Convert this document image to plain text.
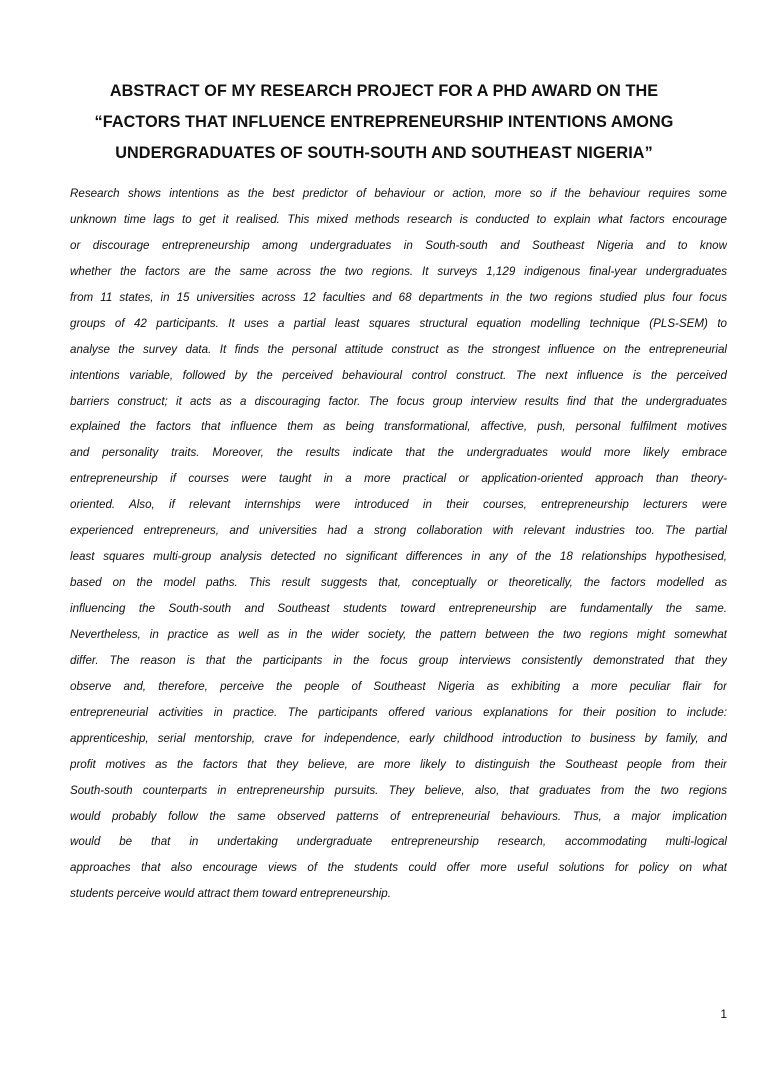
ABSTRACT OF MY RESEARCH PROJECT FOR A PHD AWARD ON THE
“FACTORS THAT INFLUENCE ENTREPRENEURSHIP INTENTIONS AMONG
UNDERGRADUATES OF SOUTH-SOUTH AND SOUTHEAST NIGERIA”
Research shows intentions as the best predictor of behaviour or action, more so if the behaviour requires some
unknown time lags to get it realised. This mixed methods research is conducted to explain what factors encourage
or discourage entrepreneurship among undergraduates in South-south and Southeast Nigeria and to know
whether the factors are the same across the two regions. It surveys 1,129 indigenous final-year undergraduates
from 11 states, in 15 universities across 12 faculties and 68 departments in the two regions studied plus four focus
groups of 42 participants. It uses a partial least squares structural equation modelling technique (PLS-SEM) to
analyse the survey data. It finds the personal attitude construct as the strongest influence on the entrepreneurial
intentions variable, followed by the perceived behavioural control construct. The next influence is the perceived
barriers construct; it acts as a discouraging factor. The focus group interview results find that the undergraduates
explained the factors that influence them as being transformational, affective, push, personal fulfilment motives
and personality traits. Moreover, the results indicate that the undergraduates would more likely embrace
entrepreneurship if courses were taught in a more practical or application-oriented approach than theory-
oriented. Also, if relevant internships were introduced in their courses, entrepreneurship lecturers were
experienced entrepreneurs, and universities had a strong collaboration with relevant industries too. The partial
least squares multi-group analysis detected no significant differences in any of the 18 relationships hypothesised,
based on the model paths. This result suggests that, conceptually or theoretically, the factors modelled as
influencing the South-south and Southeast students toward entrepreneurship are fundamentally the same.
Nevertheless, in practice as well as in the wider society, the pattern between the two regions might somewhat
differ. The reason is that the participants in the focus group interviews consistently demonstrated that they
observe and, therefore, perceive the people of Southeast Nigeria as exhibiting a more peculiar flair for
entrepreneurial activities in practice. The participants offered various explanations for their position to include:
apprenticeship, serial mentorship, crave for independence, early childhood introduction to business by family, and
profit motives as the factors that they believe, are more likely to distinguish the Southeast people from their
South-south counterparts in entrepreneurship pursuits. They believe, also, that graduates from the two regions
would probably follow the same observed patterns of entrepreneurial behaviours. Thus, a major implication
would be that in undertaking undergraduate entrepreneurship research, accommodating multi-logical
approaches that also encourage views of the students could offer more useful solutions for policy on what
students perceive would attract them toward entrepreneurship.
1
